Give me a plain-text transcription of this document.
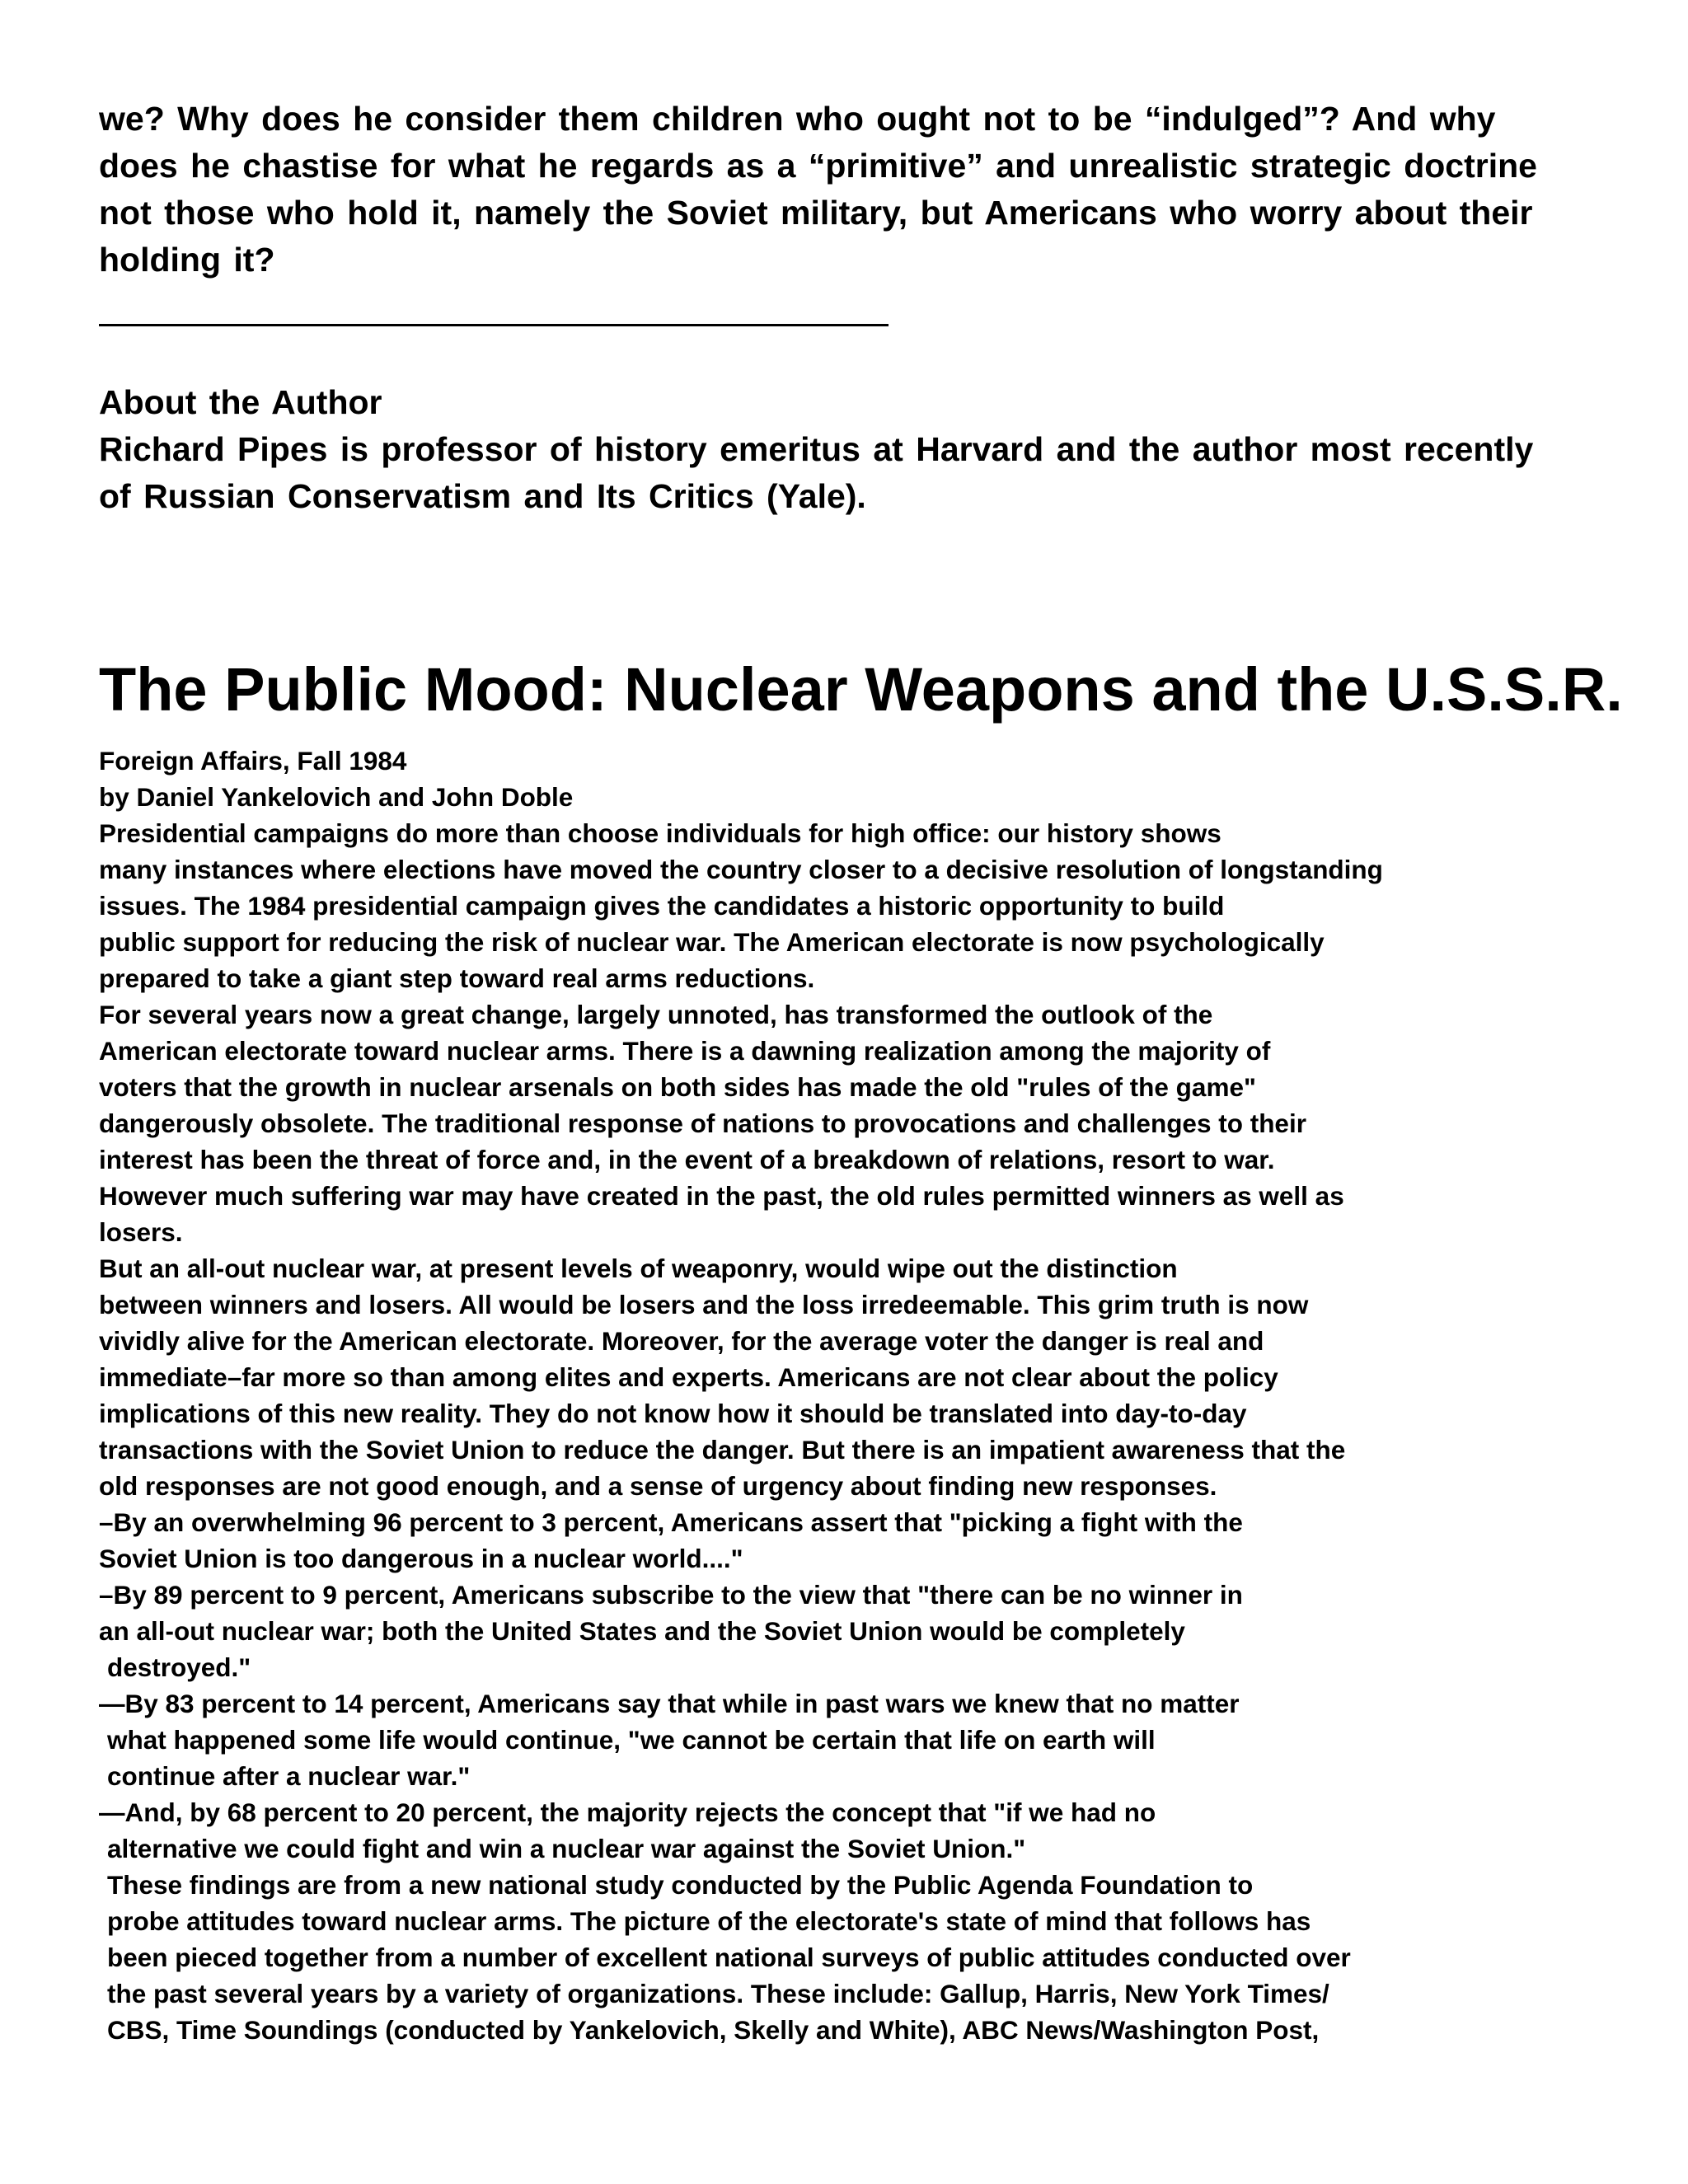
we? Why does he consider them children who ought not to be “indulged”? And why
does he chastise for what he regards as a “primitive” and unrealistic strategic doctrine
not those who hold it, namely the Soviet military, but Americans who worry about their
holding it?
About the Author
Richard Pipes is professor of history emeritus at Harvard and the author most recently
of Russian Conservatism and Its Critics (Yale).
The Public Mood: Nuclear Weapons and the U.S.S.R.
Foreign Affairs, Fall 1984
by Daniel Yankelovich and John Doble
Presidential campaigns do more than choose individuals for high office: our history shows
many instances where elections have moved the country closer to a decisive resolution of longstanding
issues. The 1984 presidential campaign gives the candidates a historic opportunity to build
public support for reducing the risk of nuclear war. The American electorate is now psychologically
prepared to take a giant step toward real arms reductions.
For several years now a great change, largely unnoted, has transformed the outlook of the
American electorate toward nuclear arms. There is a dawning realization among the majority of
voters that the growth in nuclear arsenals on both sides has made the old "rules of the game"
dangerously obsolete. The traditional response of nations to provocations and challenges to their
interest has been the threat of force and, in the event of a breakdown of relations, resort to war.
However much suffering war may have created in the past, the old rules permitted winners as well as
losers.
But an all-out nuclear war, at present levels of weaponry, would wipe out the distinction
between winners and losers. All would be losers and the loss irredeemable. This grim truth is now
vividly alive for the American electorate. Moreover, for the average voter the danger is real and
immediate–far more so than among elites and experts. Americans are not clear about the policy
implications of this new reality. They do not know how it should be translated into day-to-day
transactions with the Soviet Union to reduce the danger. But there is an impatient awareness that the
old responses are not good enough, and a sense of urgency about finding new responses.
–By an overwhelming 96 percent to 3 percent, Americans assert that "picking a fight with the
Soviet Union is too dangerous in a nuclear world...."
–By 89 percent to 9 percent, Americans subscribe to the view that "there can be no winner in
an all-out nuclear war; both the United States and the Soviet Union would be completely
destroyed."
—By 83 percent to 14 percent, Americans say that while in past wars we knew that no matter
what happened some life would continue, "we cannot be certain that life on earth will
continue after a nuclear war."
—And, by 68 percent to 20 percent, the majority rejects the concept that "if we had no
alternative we could fight and win a nuclear war against the Soviet Union."
These findings are from a new national study conducted by the Public Agenda Foundation to
probe attitudes toward nuclear arms. The picture of the electorate's state of mind that follows has
been pieced together from a number of excellent national surveys of public attitudes conducted over
the past several years by a variety of organizations. These include: Gallup, Harris, New York Times/
CBS, Time Soundings (conducted by Yankelovich, Skelly and White), ABC News/Washington Post,
